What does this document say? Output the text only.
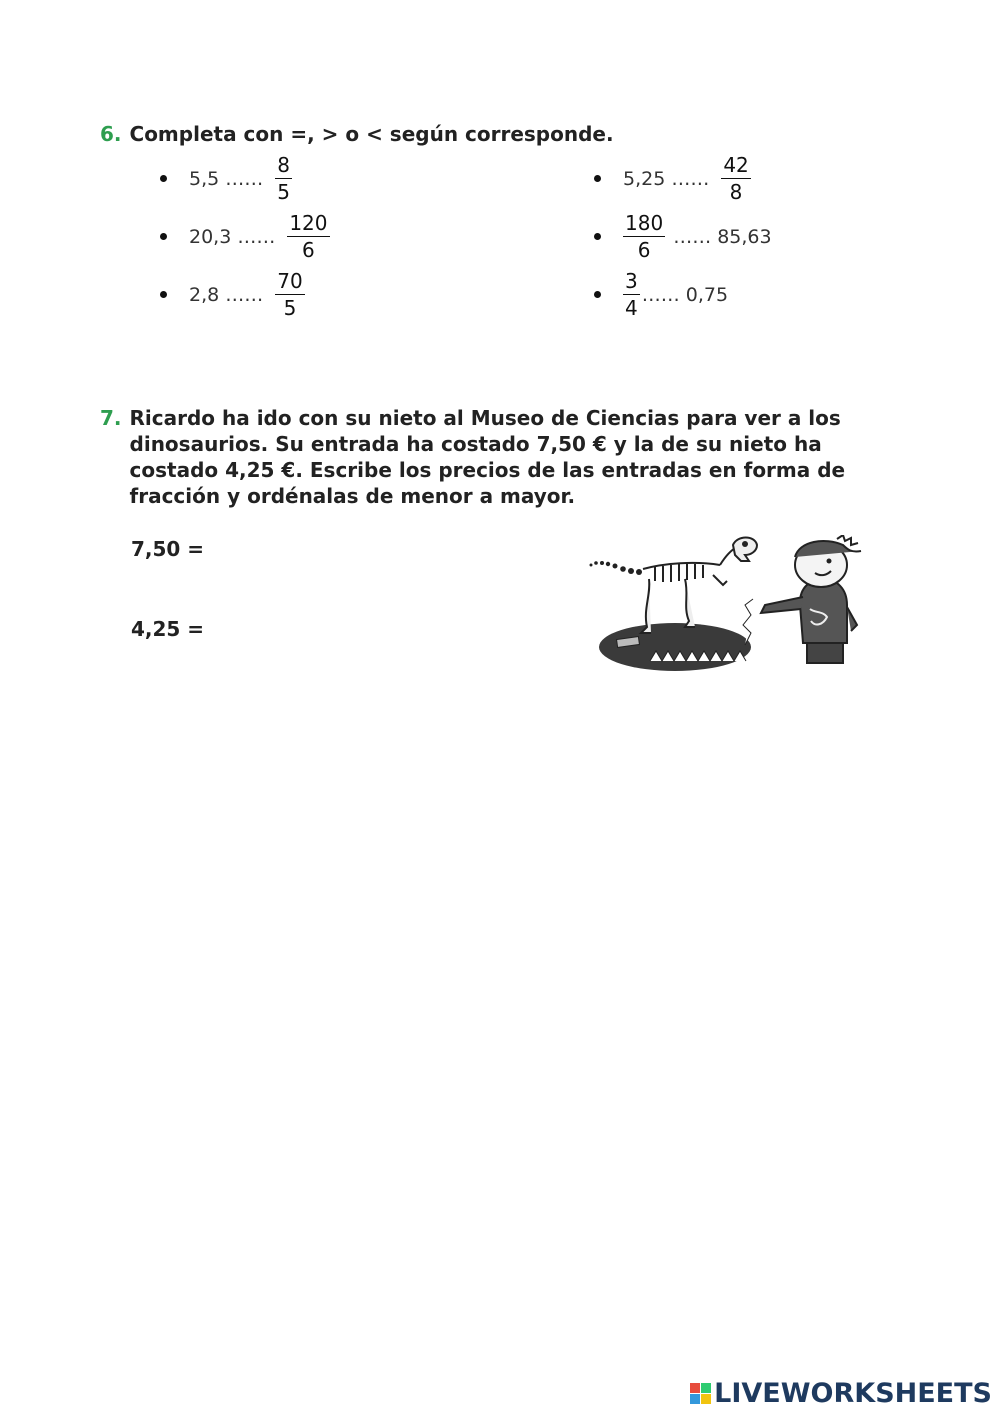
6. Completa con =, > o < según corresponde.
5,5 …… $\frac{8}{5}$
20,3 …… $\frac{120}{6}$
2,8 …… $\frac{70}{5}$
5,25 …… $\frac{42}{8}$
$\frac{180}{6}$ …… 85,63
$\frac{3}{4}$ …… 0,75
7. Ricardo ha ido con su nieto al Museo de Ciencias para ver a los dinosaurios. Su entrada ha costado 7,50 € y la de su nieto ha costado 4,25 €. Escribe los precios de las entradas en forma de fracción y ordénalas de menor a mayor.
7,50 =
4,25 =
LIVEWORKSHEETS
